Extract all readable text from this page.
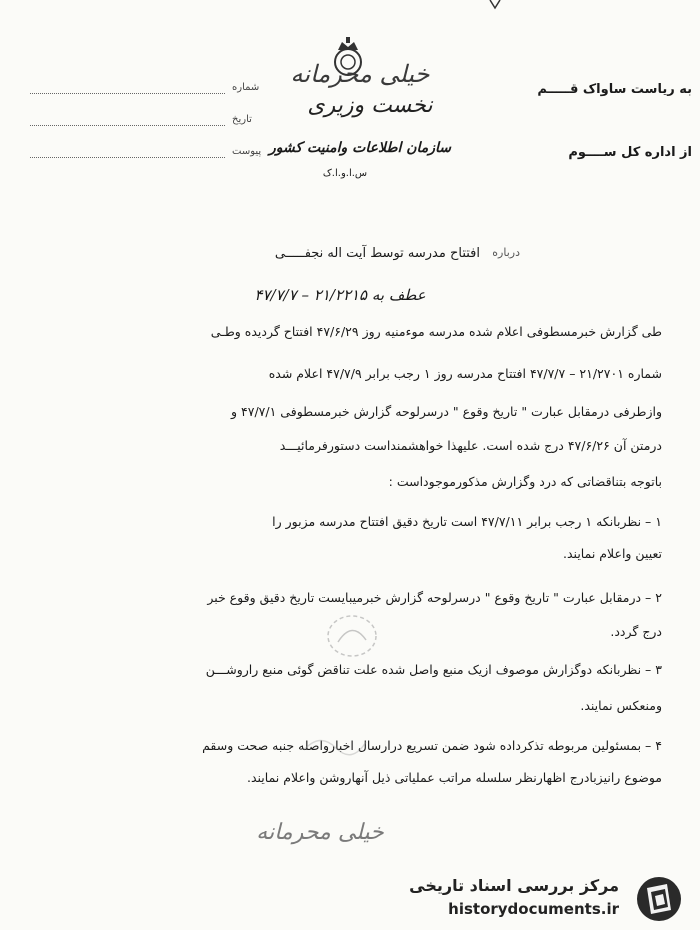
خیلی محرمانه
نخست وزیری
سازمان اطلاعات وامنیت کشور
س.ا.و.ا.ک
شماره
تاریخ
پیوست
به ریاست ساواک قـــــم
از اداره کل ســــوم
درباره
افتتاح مدرسه توسط آیت اله نجفـــــی
عطف به ۲۱/۲۲۱۵ – ۴۷/۷/۷
طی گزارش خبرمسطوفی اعلام شده مدرسه موءمنیه روز ۴۷/۶/۲۹ افتتاح گردیده وطـی
شماره ۲۱/۲۷۰۱ – ۴۷/۷/۷ افتتاح مدرسه روز ۱ رجب برابر ۴۷/۷/۹ اعلام شده
وازطرفی درمقابل عبارت " تاریخ وقوع " درسرلوحه گزارش خبرمسطوفی ۴۷/۷/۱ و
درمتن آن ۴۷/۶/۲۶ درج شده است. علیهذا خواهشمنداست دستورفرمائیـــد
باتوجه بتناقضاتی که درد وگزارش مذکورموجوداست :
۱ – نظربانکه ۱ رجب برابر ۴۷/۷/۱۱ است تاریخ دقیق افتتاح مدرسه مزبور را
تعیین واعلام نمایند.
۲ – درمقابل عبارت " تاریخ وقوع " درسرلوحه گزارش خبرمیبایست تاریخ دقیق وقوع خبر
درج گردد.
۳ – نظربانکه دوگزارش موصوف ازیک منبع واصل شده علت تناقض گوئی منبع راروشـــن
ومنعکس نمایند.
۴ – بمسئولین مربوطه تذکرداده شود ضمن تسریع درارسال اخبارواصله جنبه صحت وسقم
موضوع رانیزبادرج اظهارنظر سلسله مراتب عملیاتی ذیل آنهاروشن واعلام نمایند.
خیلی محرمانه
مرکز بررسی اسناد تاریخی
historydocuments.ir
